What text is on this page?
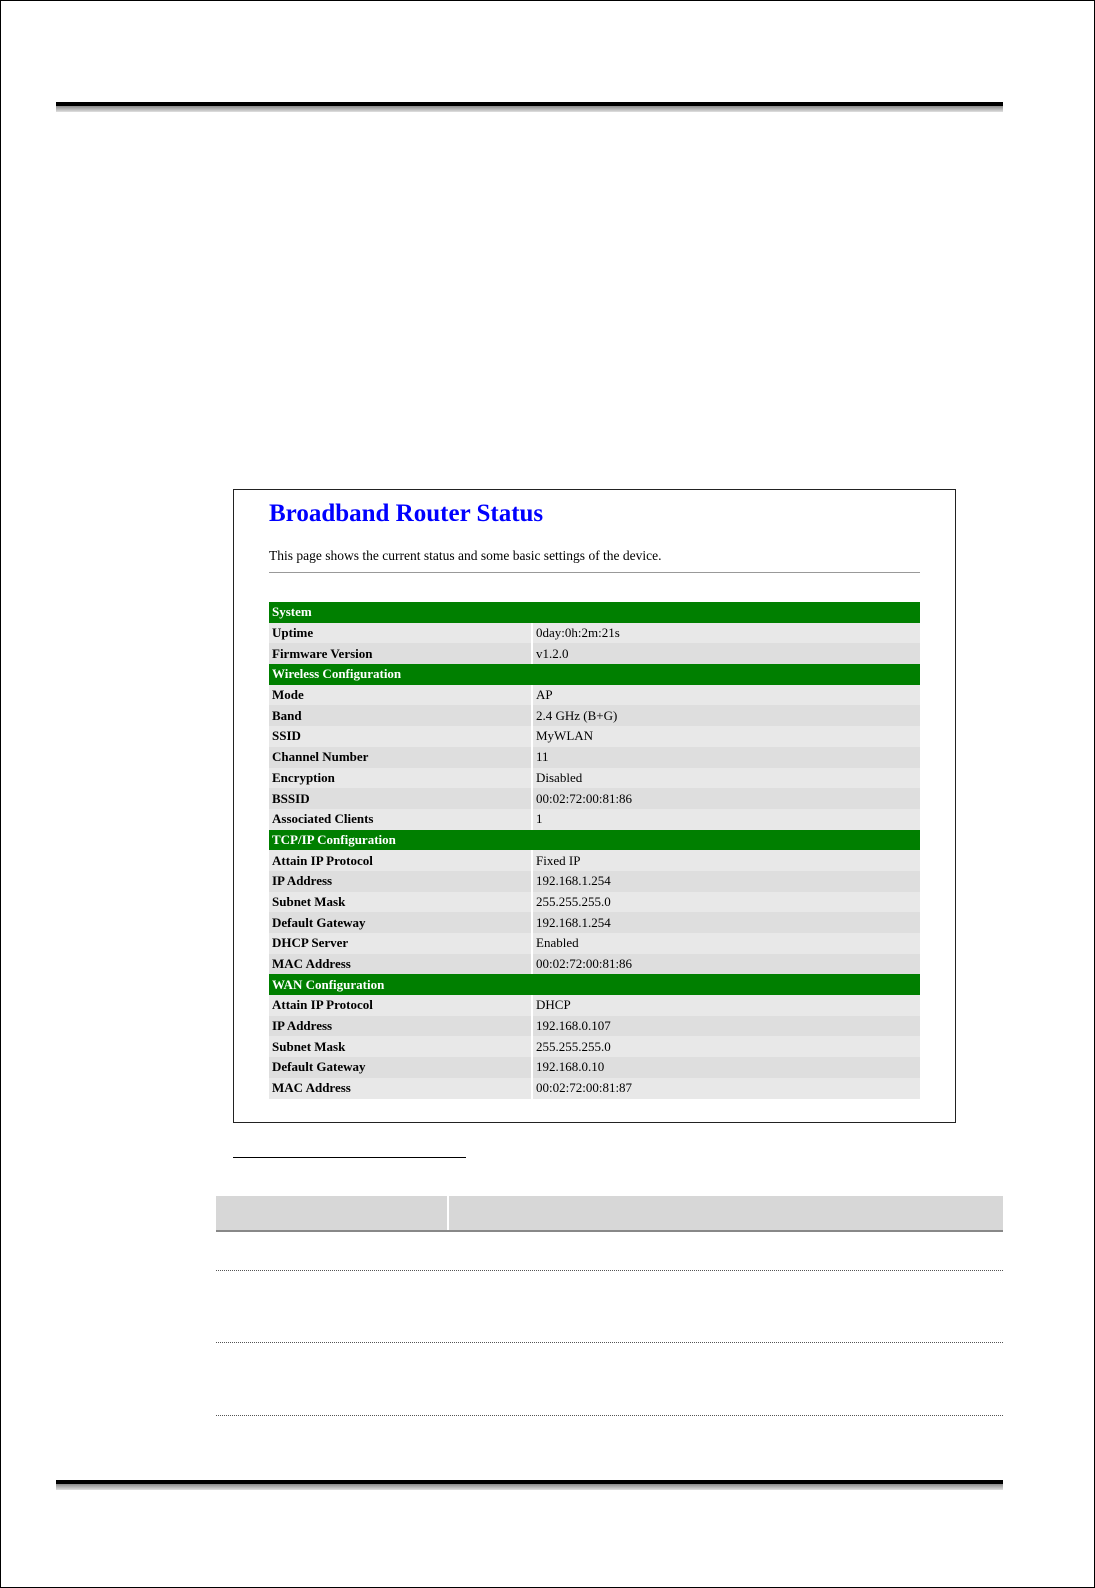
Broadband Router Status
This page shows the current status and some basic settings of the device.
System
Uptime	0day:0h:2m:21s
Firmware Version	v1.2.0
Wireless Configuration
Mode	AP
Band	2.4 GHz (B+G)
SSID	MyWLAN
Channel Number	11
Encryption	Disabled
BSSID	00:02:72:00:81:86
Associated Clients	1
TCP/IP Configuration
Attain IP Protocol	Fixed IP
IP Address	192.168.1.254
Subnet Mask	255.255.255.0
Default Gateway	192.168.1.254
DHCP Server	Enabled
MAC Address	00:02:72:00:81:86
WAN Configuration
Attain IP Protocol	DHCP
IP Address	192.168.0.107
Subnet Mask	255.255.255.0
Default Gateway	192.168.0.10
MAC Address	00:02:72:00:81:87
